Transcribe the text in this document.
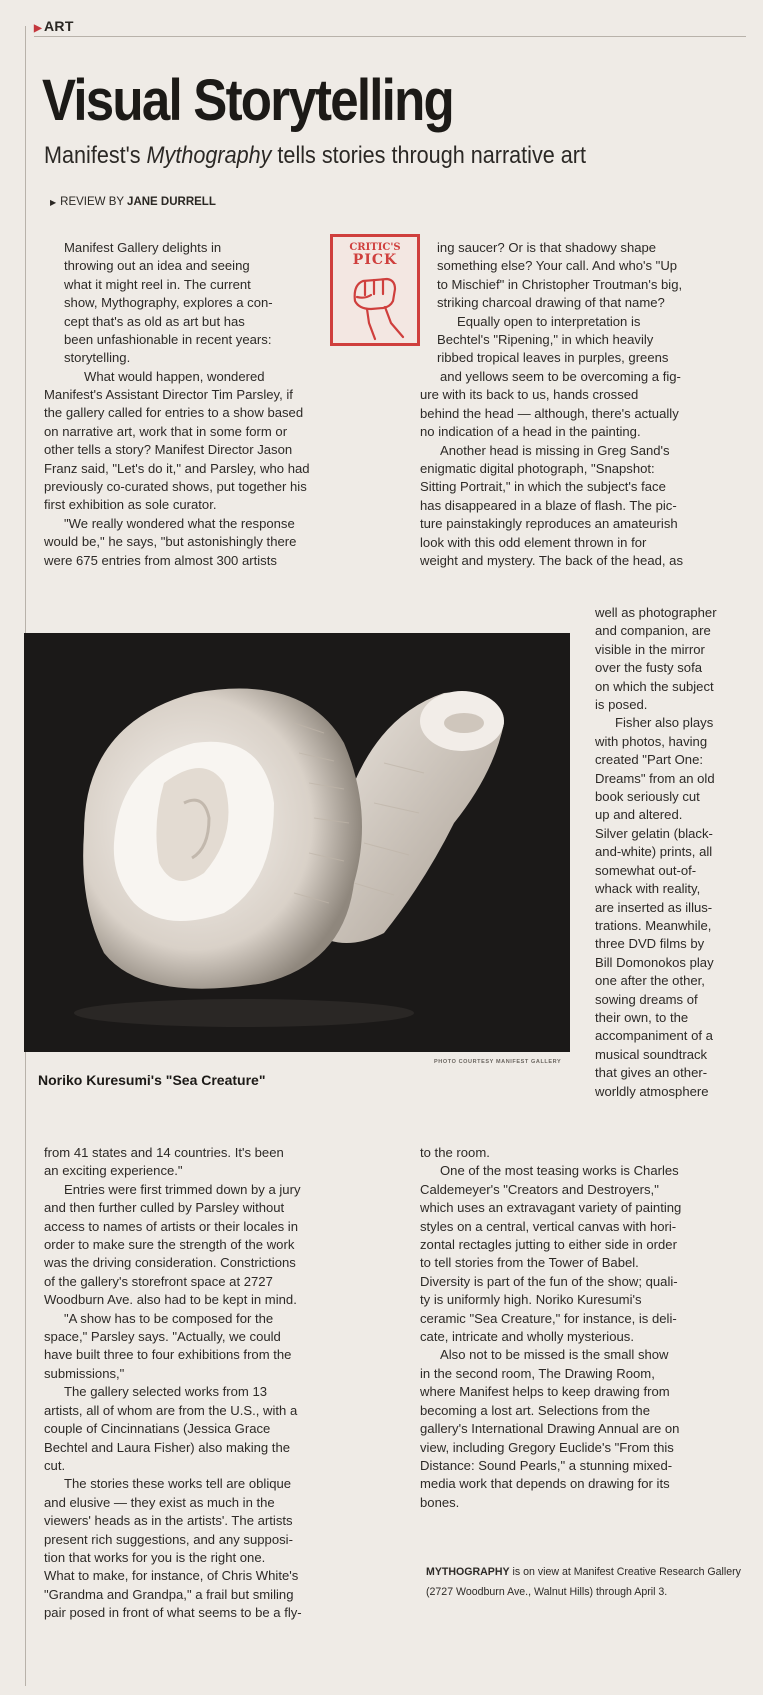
▶ ART
Visual Storytelling
Manifest's Mythography tells stories through narrative art
▶ REVIEW BY JANE DURRELL
CRITIC'S
PICK

Manifest Gallery delights in

throwing out an idea and seeing

what it might reel in. The current

show, Mythography, explores a con-

cept that's as old as art but has

been unfashionable in recent years:

storytelling.

What would happen, wondered

Manifest's Assistant Director Tim Parsley, if

the gallery called for entries to a show based

on narrative art, work that in some form or

other tells a story? Manifest Director Jason

Franz said, "Let's do it," and Parsley, who had

previously co-curated shows, put together his

first exhibition as sole curator.

"We really wondered what the response

would be," he says, "but astonishingly there

were 675 entries from almost 300 artists

ing saucer? Or is that shadowy shape

something else? Your call. And who's "Up

to Mischief" in Christopher Troutman's big,

striking charcoal drawing of that name?

Equally open to interpretation is

Bechtel's "Ripening," in which heavily

ribbed tropical leaves in purples, greens

and yellows seem to be overcoming a fig-

ure with its back to us, hands crossed

behind the head — although, there's actually

no indication of a head in the painting.

Another head is missing in Greg Sand's

enigmatic digital photograph, "Snapshot:

Sitting Portrait," in which the subject's face

has disappeared in a blaze of flash. The pic-

ture painstakingly reproduces an amateurish

look with this odd element thrown in for

weight and mystery. The back of the head, as

well as photographer

and companion, are

visible in the mirror

over the fusty sofa

on which the subject

is posed.

Fisher also plays

with photos, having

created "Part One:

Dreams" from an old

book seriously cut

up and altered.

Silver gelatin (black-

and-white) prints, all

somewhat out-of-

whack with reality,

are inserted as illus-

trations. Meanwhile,

three DVD films by

Bill Domonokos play

one after the other,

sowing dreams of

their own, to the

accompaniment of a

musical soundtrack

that gives an other-

worldly atmosphere

PHOTO COURTESY MANIFEST GALLERY
Noriko Kuresumi's "Sea Creature"

from 41 states and 14 countries. It's been

an exciting experience."

Entries were first trimmed down by a jury

and then further culled by Parsley without

access to names of artists or their locales in

order to make sure the strength of the work

was the driving consideration. Constrictions

of the gallery's storefront space at 2727

Woodburn Ave. also had to be kept in mind.

"A show has to be composed for the

space," Parsley says. "Actually, we could

have built three to four exhibitions from the

submissions,"

The gallery selected works from 13

artists, all of whom are from the U.S., with a

couple of Cincinnatians (Jessica Grace

Bechtel and Laura Fisher) also making the

cut.

The stories these works tell are oblique

and elusive — they exist as much in the

viewers' heads as in the artists'. The artists

present rich suggestions, and any supposi-

tion that works for you is the right one.

What to make, for instance, of Chris White's

"Grandma and Grandpa," a frail but smiling

pair posed in front of what seems to be a fly-

to the room.

One of the most teasing works is Charles

Caldemeyer's "Creators and Destroyers,"

which uses an extravagant variety of painting

styles on a central, vertical canvas with hori-

zontal rectagles jutting to either side in order

to tell stories from the Tower of Babel.

Diversity is part of the fun of the show; quali-

ty is uniformly high. Noriko Kuresumi's

ceramic "Sea Creature," for instance, is deli-

cate, intricate and wholly mysterious.

Also not to be missed is the small show

in the second room, The Drawing Room,

where Manifest helps to keep drawing from

becoming a lost art. Selections from the

gallery's International Drawing Annual are on

view, including Gregory Euclide's "From this

Distance: Sound Pearls," a stunning mixed-

media work that depends on drawing for its

bones.

MYTHOGRAPHY is on view at Manifest Creative Research Gallery (2727 Woodburn Ave., Walnut Hills) through April 3.
